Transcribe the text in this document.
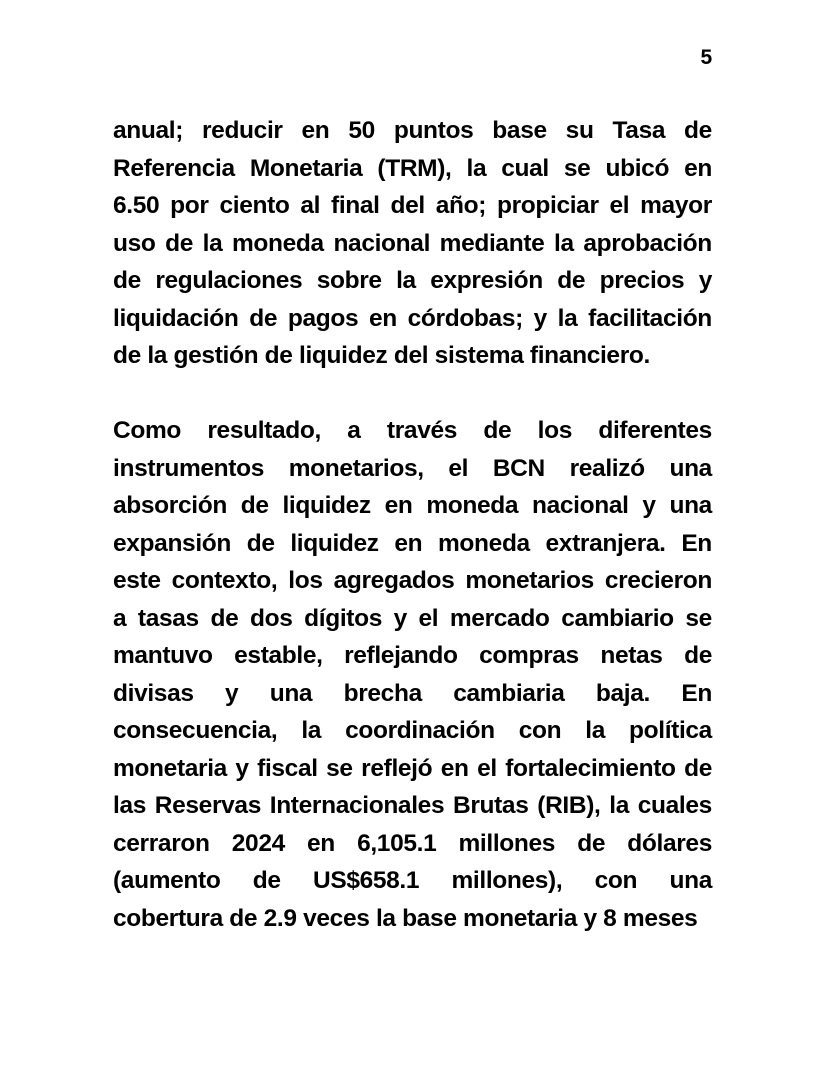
5
anual; reducir en 50 puntos base su Tasa de
Referencia Monetaria (TRM), la cual se ubicó en
6.50 por ciento al final del año; propiciar el mayor
uso de la moneda nacional mediante la aprobación
de regulaciones sobre la expresión de precios y
liquidación de pagos en córdobas; y la facilitación
de la gestión de liquidez del sistema financiero.
Como resultado, a través de los diferentes
instrumentos monetarios, el BCN realizó una
absorción de liquidez en moneda nacional y una
expansión de liquidez en moneda extranjera. En
este contexto, los agregados monetarios crecieron
a tasas de dos dígitos y el mercado cambiario se
mantuvo estable, reflejando compras netas de
divisas y una brecha cambiaria baja. En
consecuencia, la coordinación con la política
monetaria y fiscal se reflejó en el fortalecimiento de
las Reservas Internacionales Brutas (RIB), la cuales
cerraron 2024 en 6,105.1 millones de dólares
(aumento de US$658.1 millones), con una
cobertura de 2.9 veces la base monetaria y 8 meses
